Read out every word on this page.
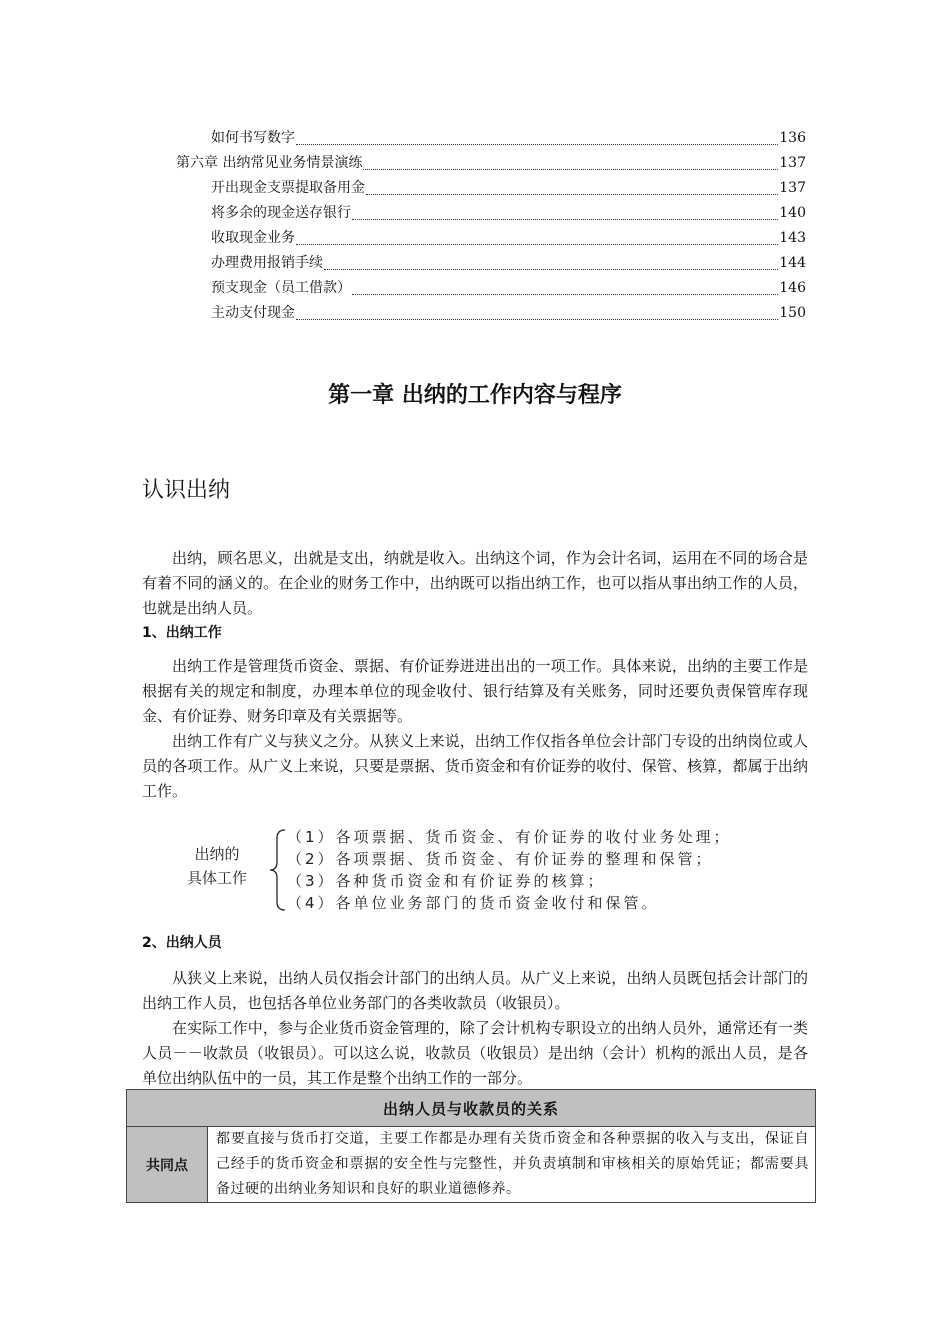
如何书写数字	136
第六章 出纳常见业务情景演练	137
开出现金支票提取备用金	137
将多余的现金送存银行	140
收取现金业务	143
办理费用报销手续	144
预支现金（员工借款）	146
主动支付现金	150
第一章 出纳的工作内容与程序
认识出纳

出纳，顾名思义，出就是支出，纳就是收入。出纳这个词，作为会计名词，运用在不同的场合是有着不同的涵义的。在企业的财务工作中，出纳既可以指出纳工作，也可以指从事出纳工作的人员，也就是出纳人员。

1、出纳工作

出纳工作是管理货币资金、票据、有价证券进进出出的一项工作。具体来说，出纳的主要工作是根据有关的规定和制度，办理本单位的现金收付、银行结算及有关账务，同时还要负责保管库存现金、有价证券、财务印章及有关票据等。

出纳工作有广义与狭义之分。从狭义上来说，出纳工作仅指各单位会计部门专设的出纳岗位或人员的各项工作。从广义上来说，只要是票据、货币资金和有价证券的收付、保管、核算，都属于出纳工作。

出纳的
具体工作
（1）各项票据、货币资金、有价证券的收付业务处理；
（2）各项票据、货币资金、有价证券的整理和保管；
（3）各种货币资金和有价证券的核算；
（4）各单位业务部门的货币资金收付和保管。

2、出纳人员

从狭义上来说，出纳人员仅指会计部门的出纳人员。从广义上来说，出纳人员既包括会计部门的出纳工作人员，也包括各单位业务部门的各类收款员（收银员）。

在实际工作中，参与企业货币资金管理的，除了会计机构专职设立的出纳人员外，通常还有一类人员－－收款员（收银员）。可以这么说，收款员（收银员）是出纳（会计）机构的派出人员，是各单位出纳队伍中的一员，其工作是整个出纳工作的一部分。

出纳人员与收款员的关系
共同点	都要直接与货币打交道，主要工作都是办理有关货币资金和各种票据的收入与支出，保证自己经手的货币资金和票据的安全性与完整性，并负责填制和审核相关的原始凭证；都需要具备过硬的出纳业务知识和良好的职业道德修养。
